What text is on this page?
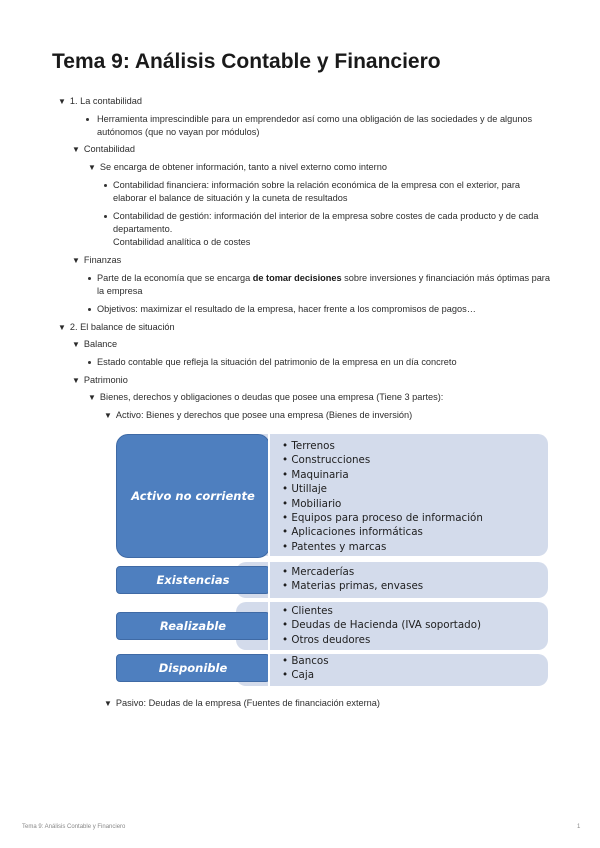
Tema 9: Análisis Contable y Financiero
▼ 1. La contabilidad
Herramienta imprescindible para un emprendedor así como una obligación de las sociedades y de algunos
autónomos (que no vayan por módulos)
▼ Contabilidad
▼ Se encarga de obtener información, tanto a nivel externo como interno
Contabilidad financiera: información sobre la relación económica de la empresa con el exterior, para
elaborar el balance de situación y la cuneta de resultados
Contabilidad de gestión: información del interior de la empresa sobre costes de cada producto y de cada
departamento.
Contabilidad analítica o de costes
▼ Finanzas
Parte de la economía que se encarga de tomar decisiones sobre inversiones y financiación más óptimas para
la empresa
Objetivos: maximizar el resultado de la empresa, hacer frente a los compromisos de pagos…
▼ 2. El balance de situación
▼ Balance
Estado contable que refleja la situación del patrimonio de la empresa en un día concreto
▼ Patrimonio
▼ Bienes, derechos y obligaciones o deudas que posee una empresa (Tiene 3 partes):
▼ Activo: Bienes y derechos que posee una empresa (Bienes de inversión)
Activo no corriente
• Terrenos
• Construcciones
• Maquinaria
• Utillaje
• Mobiliario
• Equipos para proceso de información
• Aplicaciones informáticas
• Patentes y marcas
Existencias
• Mercaderías
• Materias primas, envases
Realizable
• Clientes
• Deudas de Hacienda (IVA soportado)
• Otros deudores
Disponible	• Bancos
• Caja
▼ Pasivo: Deudas de la empresa (Fuentes de financiación externa)
Tema 9: Análisis Contable y Financiero	1
